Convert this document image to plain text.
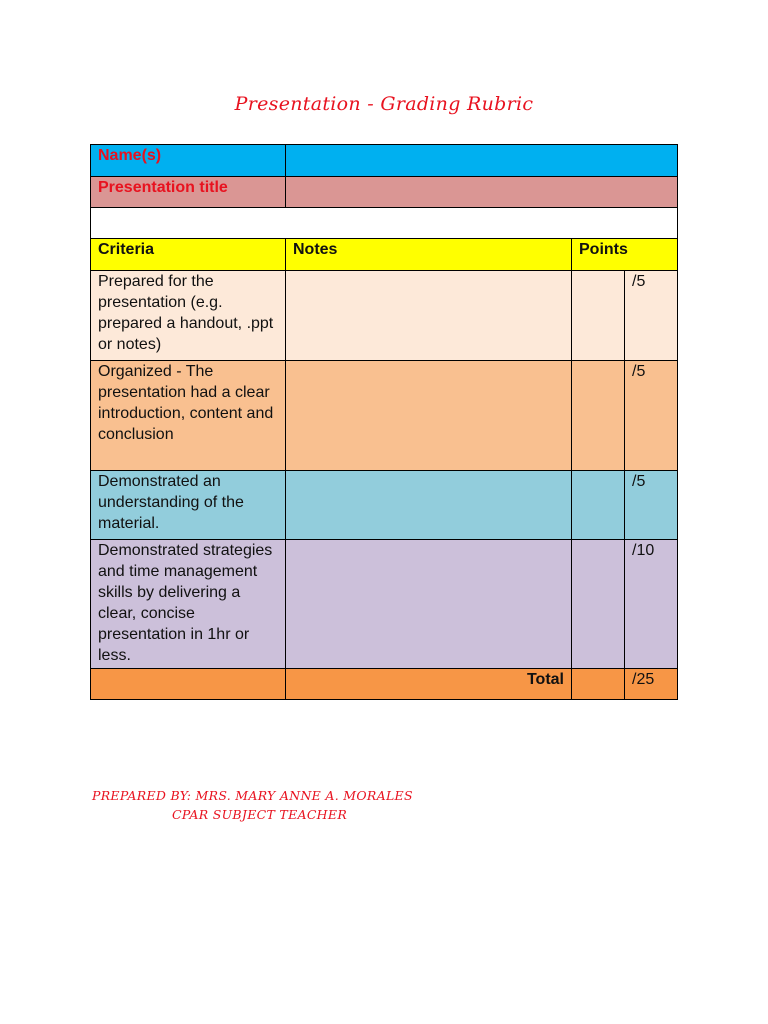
Presentation - Grading Rubric
Name(s)			
Presentation title			

Criteria	Notes	Points	
Prepared for the presentation (e.g. prepared a handout, .ppt or notes)			/5
Organized - The presentation had a clear introduction, content and conclusion			/5
Demonstrated an understanding of the material.			/5
Demonstrated strategies and time management skills by delivering a clear, concise presentation in 1hr or less.			/10
	Total		/25
PREPARED BY: MRS. MARY ANNE A. MORALES
CPAR SUBJECT TEACHER
